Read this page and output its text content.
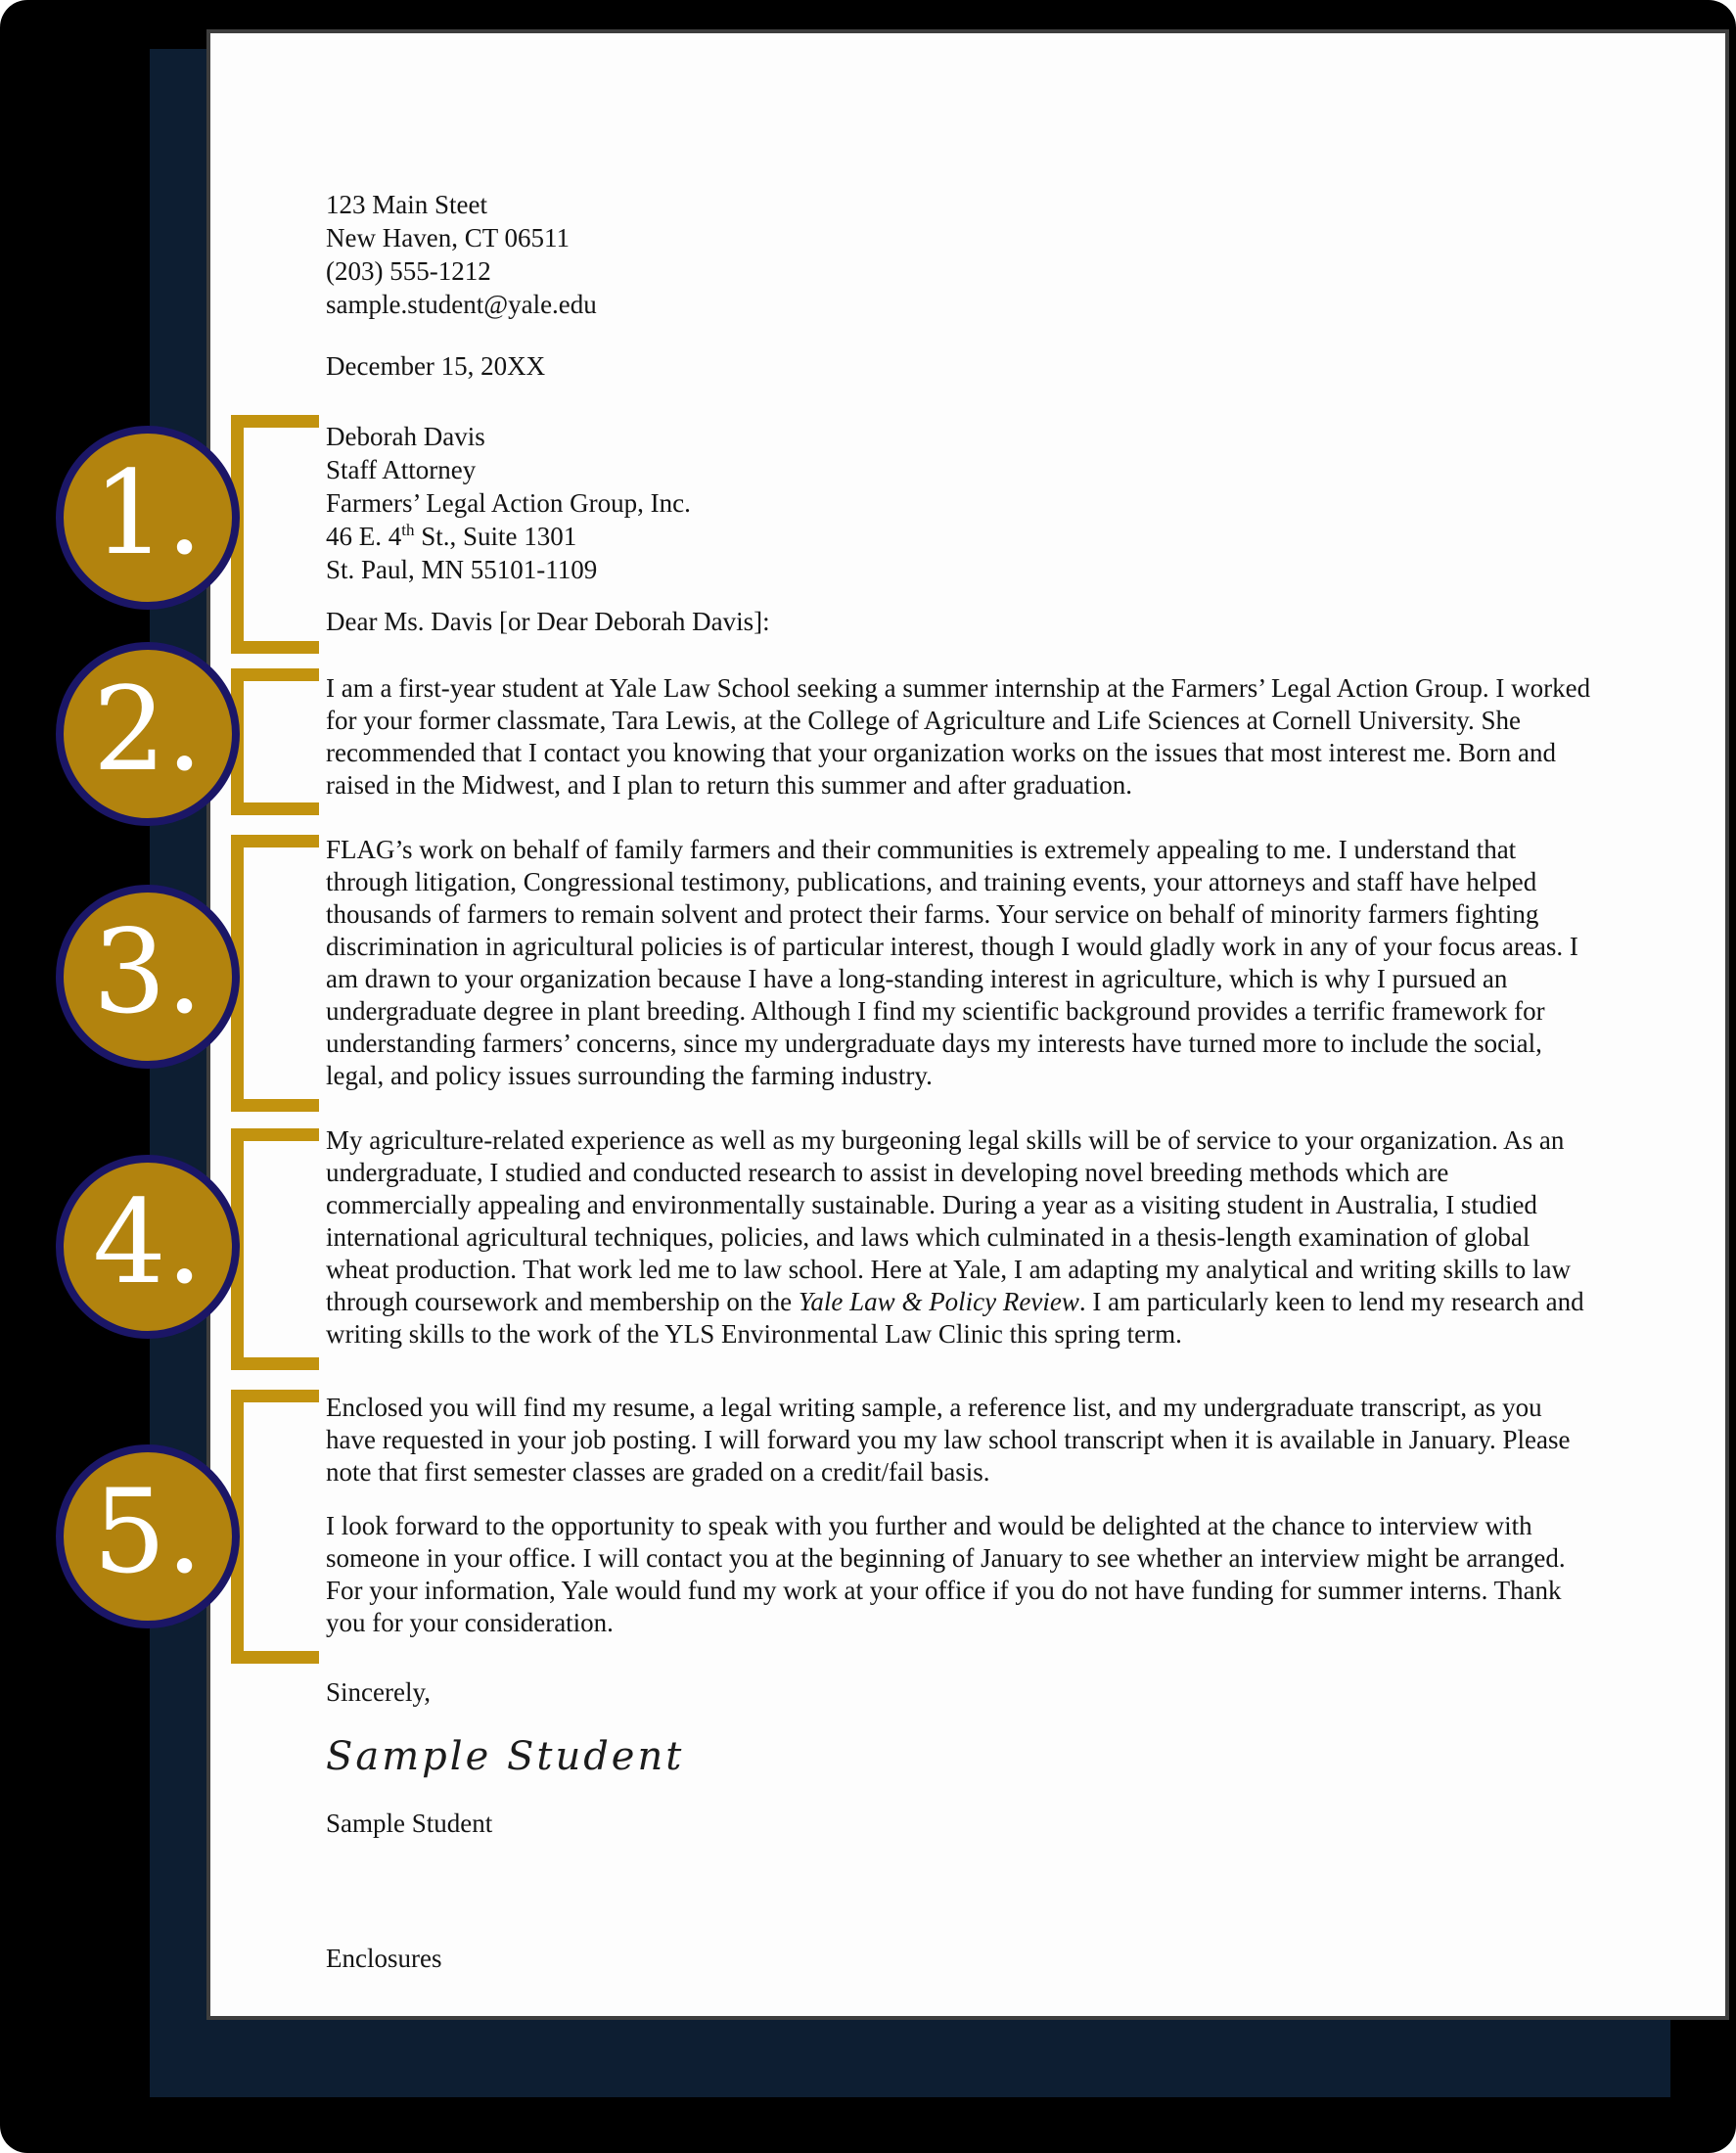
123 Main Steet
New Haven, CT 06511
(203) 555-1212
sample.student@yale.edu
December 15, 20XX
Deborah Davis
Staff Attorney
Farmers’ Legal Action Group, Inc.
46 E. 4th St., Suite 1301
St. Paul, MN 55101-1109
Dear Ms. Davis [or Dear Deborah Davis]:
I am a first-year student at Yale Law School seeking a summer internship at the Farmers’ Legal Action Group. I worked for your former classmate, Tara Lewis, at the College of Agriculture and Life Sciences at Cornell University. She recommended that I contact you knowing that your organization works on the issues that most interest me. Born and raised in the Midwest, and I plan to return this summer and after graduation.
FLAG’s work on behalf of family farmers and their communities is extremely appealing to me. I understand that through litigation, Congressional testimony, publications, and training events, your attorneys and staff have helped thousands of farmers to remain solvent and protect their farms. Your service on behalf of minority farmers fighting discrimination in agricultural policies is of particular interest, though I would gladly work in any of your focus areas. I am drawn to your organization because I have a long-standing interest in agriculture, which is why I pursued an undergraduate degree in plant breeding. Although I find my scientific background provides a terrific framework for understanding farmers’ concerns, since my undergraduate days my interests have turned more to include the social, legal, and policy issues surrounding the farming industry.
My agriculture-related experience as well as my burgeoning legal skills will be of service to your organization. As an undergraduate, I studied and conducted research to assist in developing novel breeding methods which are commercially appealing and environmentally sustainable. During a year as a visiting student in Australia, I studied international agricultural techniques, policies, and laws which culminated in a thesis-length examination of global wheat production. That work led me to law school. Here at Yale, I am adapting my analytical and writing skills to law through coursework and membership on the Yale Law & Policy Review. I am particularly keen to lend my research and writing skills to the work of the YLS Environmental Law Clinic this spring term.
Enclosed you will find my resume, a legal writing sample, a reference list, and my undergraduate transcript, as you have requested in your job posting. I will forward you my law school transcript when it is available in January. Please note that first semester classes are graded on a credit/fail basis.
I look forward to the opportunity to speak with you further and would be delighted at the chance to interview with someone in your office. I will contact you at the beginning of January to see whether an interview might be arranged. For your information, Yale would fund my work at your office if you do not have funding for summer interns. Thank you for your consideration.
Sincerely,
Sample Student
Sample Student
Enclosures
1.
2.
3.
4.
5.
